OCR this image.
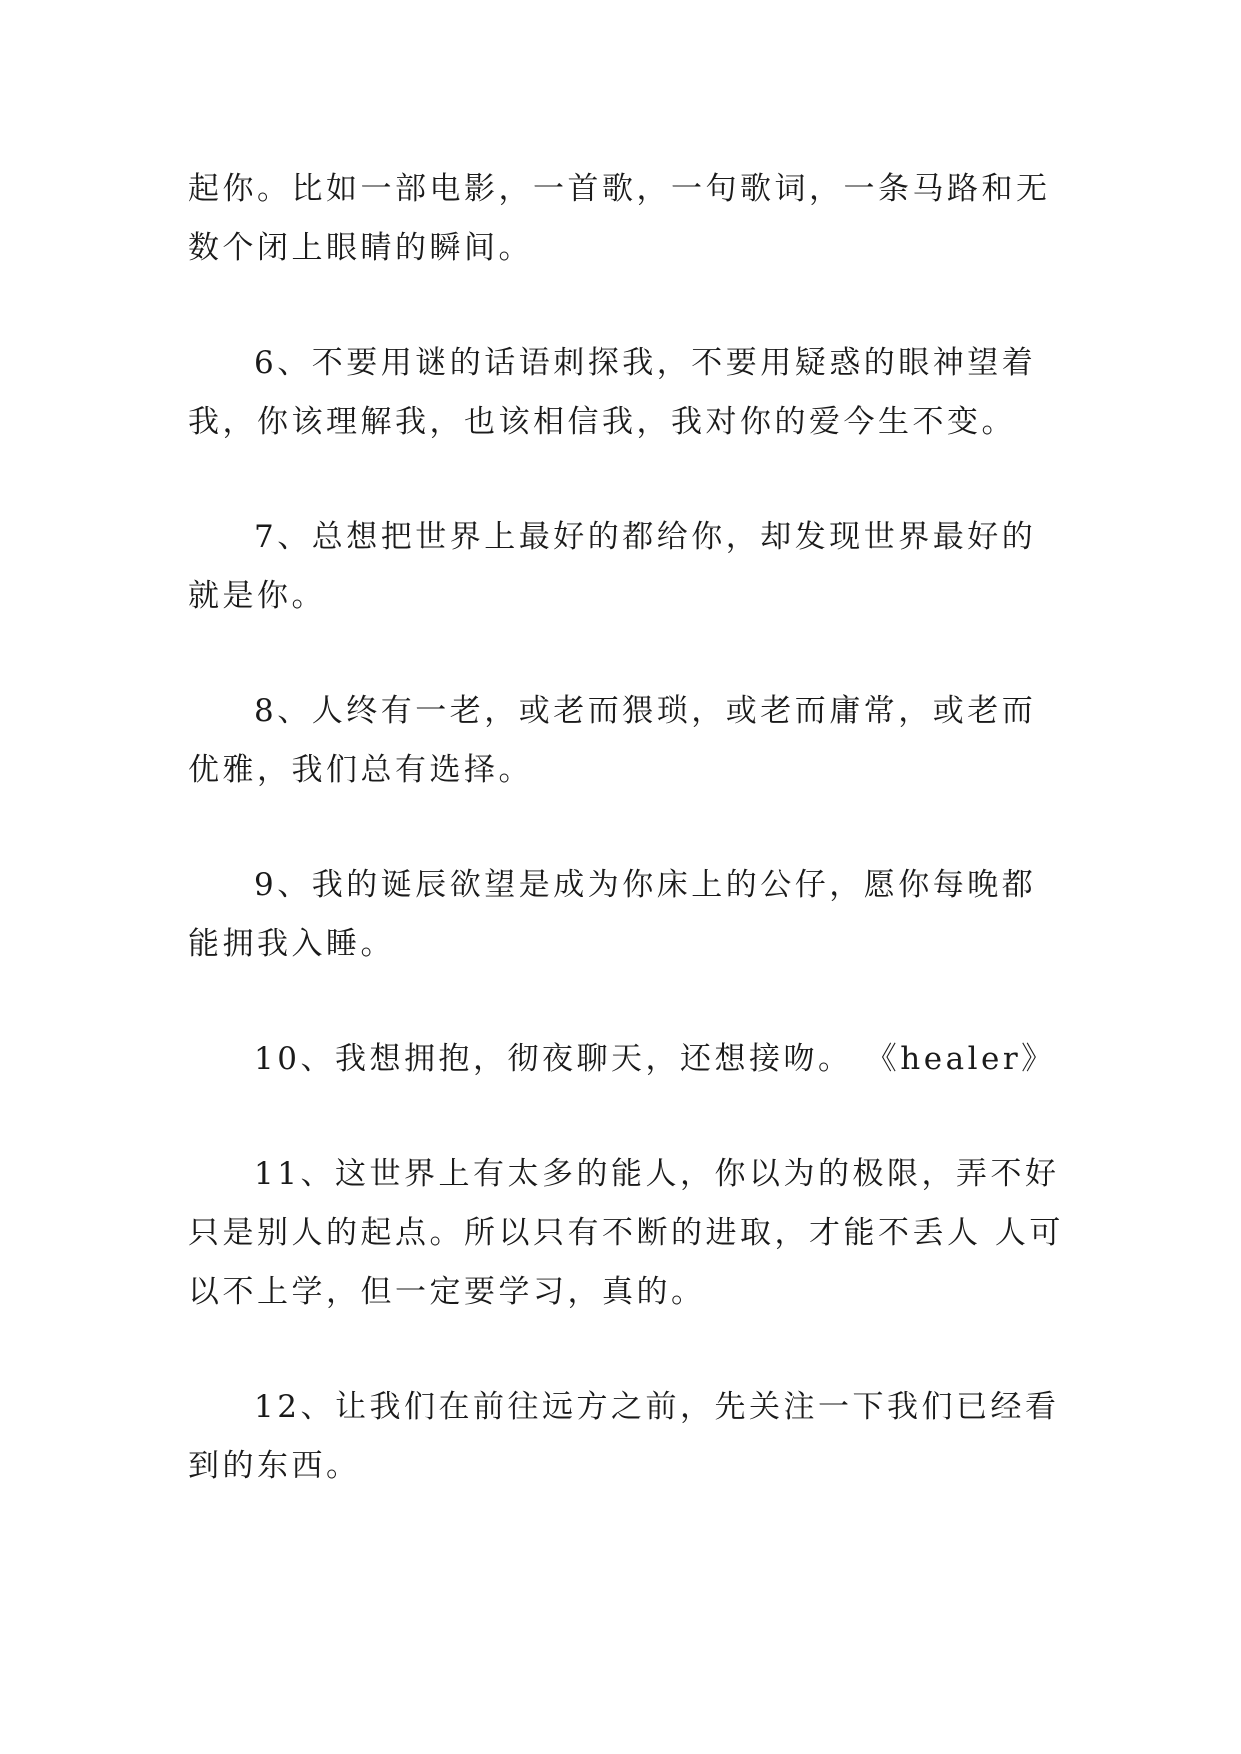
起你。比如一部电影，一首歌，一句歌词，一条马路和无数个闭上眼睛的瞬间。

6、不要用谜的话语刺探我，不要用疑惑的眼神望着我，你该理解我，也该相信我，我对你的爱今生不变。

7、总想把世界上最好的都给你，却发现世界最好的就是你。

8、人终有一老，或老而猥琐，或老而庸常，或老而优雅，我们总有选择。

9、我的诞辰欲望是成为你床上的公仔，愿你每晚都能拥我入睡。

10、我想拥抱，彻夜聊天，还想接吻。 《healer》

11、这世界上有太多的能人，你以为的极限，弄不好只是别人的起点。所以只有不断的进取，才能不丢人 人可以不上学，但一定要学习，真的。

12、让我们在前往远方之前，先关注一下我们已经看到的东西。
